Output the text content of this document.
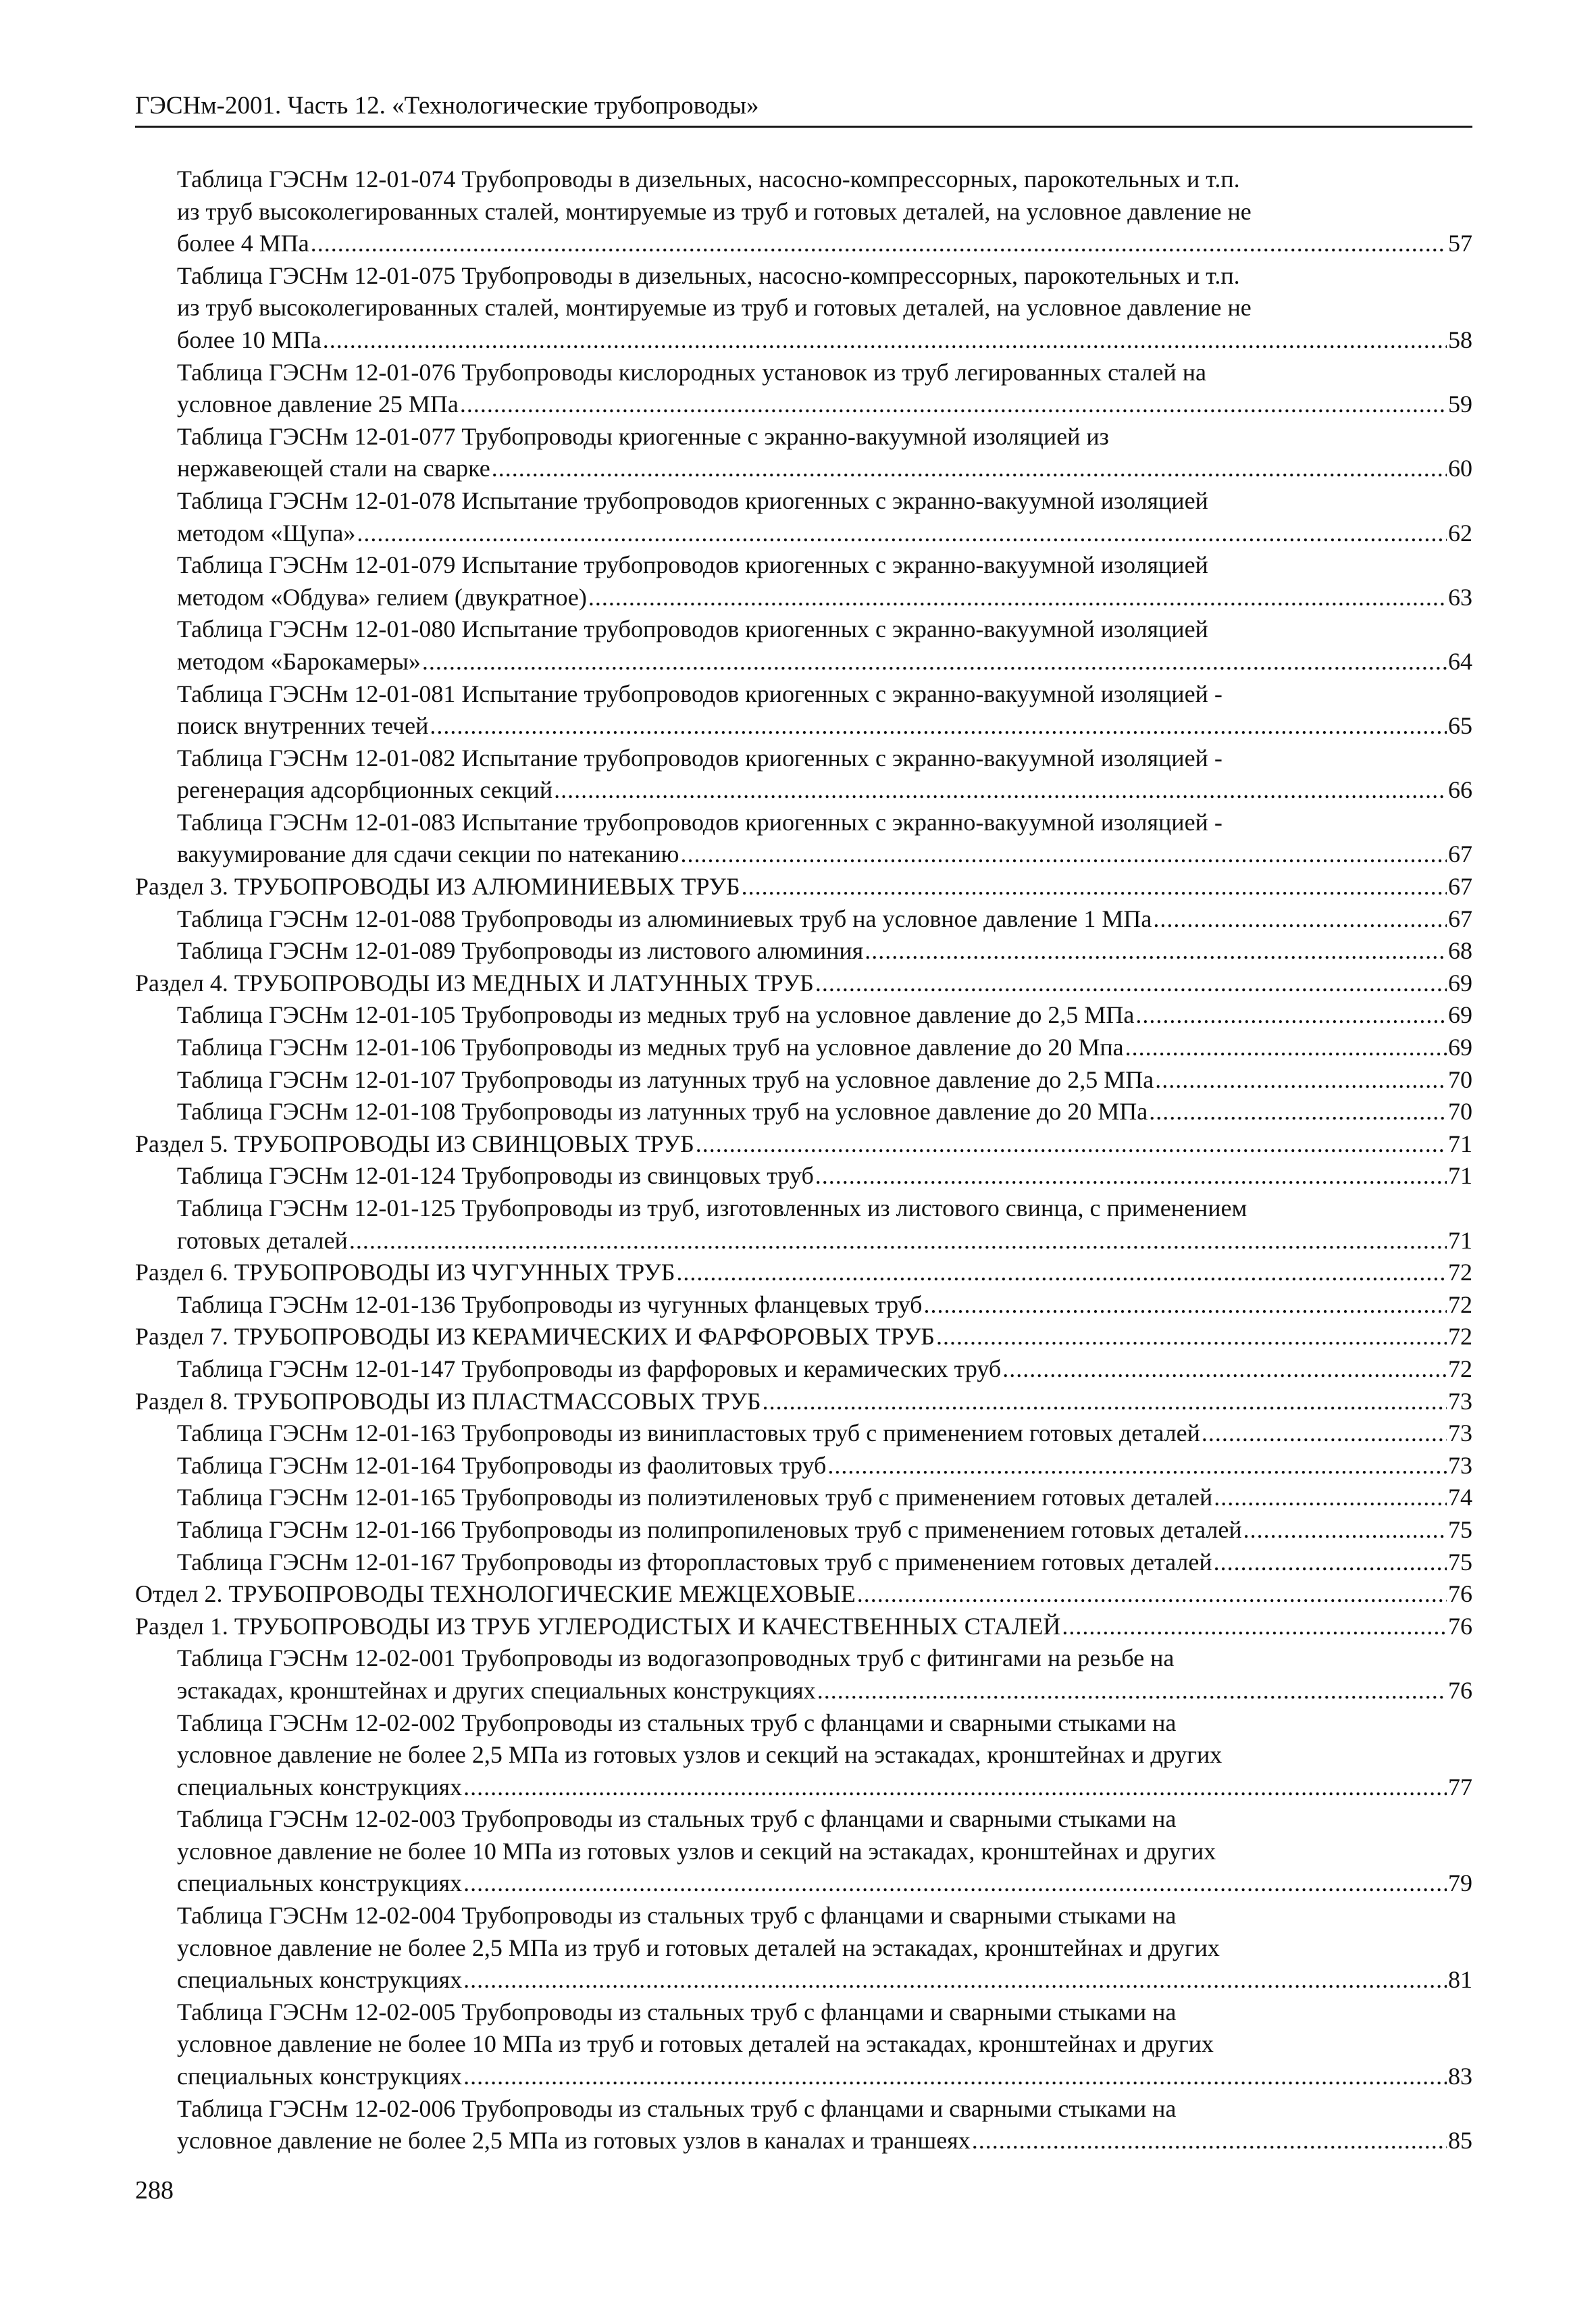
ГЭСНм-2001. Часть 12. «Технологические трубопроводы»
Таблица ГЭСНм 12-01-074 Трубопроводы в дизельных, насосно-компрессорных, парокотельных и т.п.
из труб высоколегированных сталей, монтируемые из труб и готовых деталей, на условное давление не
более 4 МПа . . .	57
Таблица ГЭСНм 12-01-075 Трубопроводы в дизельных, насосно-компрессорных, парокотельных и т.п.
из труб высоколегированных сталей, монтируемые из труб и готовых деталей, на условное давление не
более 10 МПа . . .	58
Таблица ГЭСНм 12-01-076 Трубопроводы кислородных установок из труб легированных сталей на
условное давление 25 МПа . . .	59
Таблица ГЭСНм 12-01-077 Трубопроводы криогенные с экранно-вакуумной изоляцией из
нержавеющей стали на сварке . . .	60
Таблица ГЭСНм 12-01-078 Испытание трубопроводов криогенных с экранно-вакуумной изоляцией
методом «Щупа» . . .	62
Таблица ГЭСНм 12-01-079 Испытание трубопроводов криогенных с экранно-вакуумной изоляцией
методом «Обдува» гелием (двукратное) . . .	63
Таблица ГЭСНм 12-01-080 Испытание трубопроводов криогенных с экранно-вакуумной изоляцией
методом «Барокамеры» . . .	64
Таблица ГЭСНм 12-01-081 Испытание трубопроводов криогенных с экранно-вакуумной изоляцией -
поиск внутренних течей . . .	65
Таблица ГЭСНм 12-01-082 Испытание трубопроводов криогенных с экранно-вакуумной изоляцией -
регенерация адсорбционных секций . . .	66
Таблица ГЭСНм 12-01-083 Испытание трубопроводов криогенных с экранно-вакуумной изоляцией -
вакуумирование для сдачи секции по натеканию . . .	67
Раздел 3. ТРУБОПРОВОДЫ ИЗ АЛЮМИНИЕВЫХ ТРУБ . . .	67
Таблица ГЭСНм 12-01-088 Трубопроводы из алюминиевых труб на условное давление 1 МПа . . .	67
Таблица ГЭСНм 12-01-089 Трубопроводы из листового алюминия . . .	68
Раздел 4. ТРУБОПРОВОДЫ ИЗ МЕДНЫХ И ЛАТУННЫХ ТРУБ . . .	69
Таблица ГЭСНм 12-01-105 Трубопроводы из медных труб на условное давление до 2,5 МПа . . .	69
Таблица ГЭСНм 12-01-106 Трубопроводы из медных труб на условное давление до 20 Мпа . . .	69
Таблица ГЭСНм 12-01-107 Трубопроводы из латунных труб на условное давление до 2,5 МПа . . .	70
Таблица ГЭСНм 12-01-108 Трубопроводы из латунных труб на условное давление до 20 МПа . . .	70
Раздел 5. ТРУБОПРОВОДЫ ИЗ СВИНЦОВЫХ ТРУБ . . .	71
Таблица ГЭСНм 12-01-124 Трубопроводы из свинцовых труб . . .	71
Таблица ГЭСНм 12-01-125 Трубопроводы из труб, изготовленных из листового свинца, с применением
готовых деталей . . .	71
Раздел 6. ТРУБОПРОВОДЫ ИЗ ЧУГУННЫХ ТРУБ . . .	72
Таблица ГЭСНм 12-01-136 Трубопроводы из чугунных фланцевых труб . . .	72
Раздел 7. ТРУБОПРОВОДЫ ИЗ КЕРАМИЧЕСКИХ И ФАРФОРОВЫХ ТРУБ . . .	72
Таблица ГЭСНм 12-01-147 Трубопроводы из фарфоровых и керамических труб . . .	72
Раздел 8. ТРУБОПРОВОДЫ ИЗ ПЛАСТМАССОВЫХ ТРУБ . . .	73
Таблица ГЭСНм 12-01-163 Трубопроводы из винипластовых труб с применением готовых деталей . . .	73
Таблица ГЭСНм 12-01-164 Трубопроводы из фаолитовых труб . . .	73
Таблица ГЭСНм 12-01-165 Трубопроводы из полиэтиленовых труб с применением готовых деталей . . .	74
Таблица ГЭСНм 12-01-166 Трубопроводы из полипропиленовых труб с применением готовых деталей . . .	75
Таблица ГЭСНм 12-01-167 Трубопроводы из фторопластовых труб с применением готовых деталей . . .	75
Отдел 2. ТРУБОПРОВОДЫ ТЕХНОЛОГИЧЕСКИЕ МЕЖЦЕХОВЫЕ . . .	76
Раздел 1. ТРУБОПРОВОДЫ ИЗ ТРУБ УГЛЕРОДИСТЫХ И КАЧЕСТВЕННЫХ СТАЛЕЙ . . .	76
Таблица ГЭСНм 12-02-001 Трубопроводы из водогазопроводных труб с фитингами на резьбе на
эстакадах, кронштейнах и других специальных конструкциях . . .	76
Таблица ГЭСНм 12-02-002 Трубопроводы из стальных труб с фланцами и сварными стыками на
условное давление не более 2,5 МПа из готовых узлов и секций на эстакадах, кронштейнах и других
специальных конструкциях . . .	77
Таблица ГЭСНм 12-02-003 Трубопроводы из стальных труб с фланцами и сварными стыками на
условное давление не более 10 МПа из готовых узлов и секций на эстакадах, кронштейнах и других
специальных конструкциях . . .	79
Таблица ГЭСНм 12-02-004 Трубопроводы из стальных труб с фланцами и сварными стыками на
условное давление не более 2,5 МПа из труб и готовых деталей на эстакадах, кронштейнах и других
специальных конструкциях . . .	81
Таблица ГЭСНм 12-02-005 Трубопроводы из стальных труб с фланцами и сварными стыками на
условное давление не более 10 МПа из труб и готовых деталей на эстакадах, кронштейнах и других
специальных конструкциях . . .	83
Таблица ГЭСНм 12-02-006 Трубопроводы из стальных труб с фланцами и сварными стыками на
условное давление не более 2,5 МПа из готовых узлов в каналах и траншеях . . .	85
288
